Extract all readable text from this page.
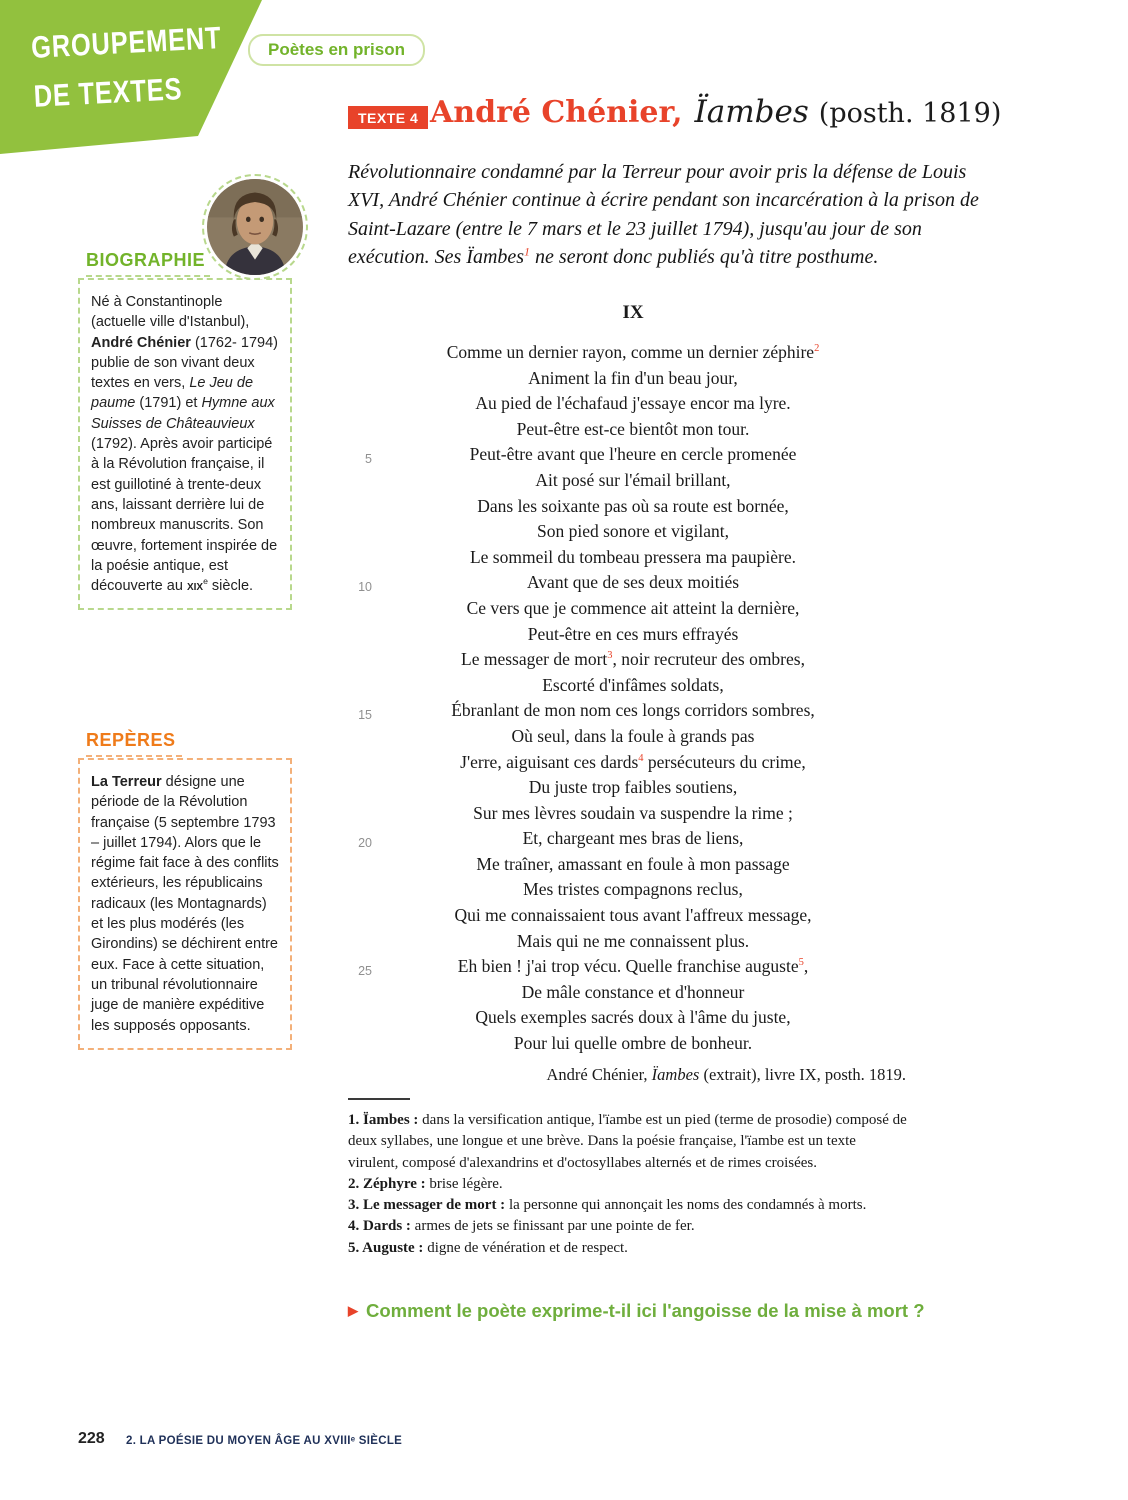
GROUPEMENT
DE TEXTES
Poètes en prison
TEXTE 4 André Chénier, Ïambes (posth. 1819)
Révolutionnaire condamné par la Terreur pour avoir pris la défense de Louis XVI, André Chénier continue à écrire pendant son incarcération à la prison de Saint-Lazare (entre le 7 mars et le 23 juillet 1794), jusqu'au jour de son exécution. Ses Ïambes$^1$ ne seront donc publiés qu'à titre posthume.
BIOGRAPHIE
Né à Constantinople (actuelle ville d'Istanbul), André Chénier (1762- 1794) publie de son vivant deux textes en vers, Le Jeu de paume (1791) et Hymne aux Suisses de Châteauvieux (1792). Après avoir participé à la Révolution française, il est guillotiné à trente-deux ans, laissant derrière lui de nombreux manuscrits. Son œuvre, fortement inspirée de la poésie antique, est découverte au xix$^e$ siècle.
REPÈRES
La Terreur désigne une période de la Révolution française (5 septembre 1793 – juillet 1794). Alors que le régime fait face à des conflits extérieurs, les républicains radicaux (les Montagnards) et les plus modérés (les Girondins) se déchirent entre eux. Face à cette situation, un tribunal révolutionnaire juge de manière expéditive les supposés opposants.
IX
Comme un dernier rayon, comme un dernier zéphire$^2$
Animent la fin d'un beau jour,
Au pied de l'échafaud j'essaye encor ma lyre.
Peut-être est-ce bientôt mon tour.
5	Peut-être avant que l'heure en cercle promenée
Ait posé sur l'émail brillant,
Dans les soixante pas où sa route est bornée,
Son pied sonore et vigilant,
Le sommeil du tombeau pressera ma paupière.
10	Avant que de ses deux moitiés
Ce vers que je commence ait atteint la dernière,
Peut-être en ces murs effrayés
Le messager de mort$^3$, noir recruteur des ombres,
Escorté d'infâmes soldats,
15	Ébranlant de mon nom ces longs corridors sombres,
Où seul, dans la foule à grands pas
J'erre, aiguisant ces dards$^4$ persécuteurs du crime,
Du juste trop faibles soutiens,
Sur mes lèvres soudain va suspendre la rime ;
20	Et, chargeant mes bras de liens,
Me traîner, amassant en foule à mon passage
Mes tristes compagnons reclus,
Qui me connaissaient tous avant l'affreux message,
Mais qui ne me connaissent plus.
25	Eh bien ! j'ai trop vécu. Quelle franchise auguste$^5$,
De mâle constance et d'honneur
Quels exemples sacrés doux à l'âme du juste,
Pour lui quelle ombre de bonheur.
André Chénier, Ïambes (extrait), livre IX, posth. 1819.
1. Ïambes : dans la versification antique, l'ïambe est un pied (terme de prosodie) composé de deux syllabes, une longue et une brève. Dans la poésie française, l'ïambe est un texte virulent, composé d'alexandrins et d'octosyllabes alternés et de rimes croisées.
2. Zéphyre : brise légère.
3. Le messager de mort : la personne qui annonçait les noms des condamnés à morts.
4. Dards : armes de jets se finissant par une pointe de fer.
5. Auguste : digne de vénération et de respect.
▶ Comment le poète exprime-t-il ici l'angoisse de la mise à mort ?
228 2. LA POÉSIE DU MOYEN ÂGE AU XVIIIᵉ SIÈCLE
